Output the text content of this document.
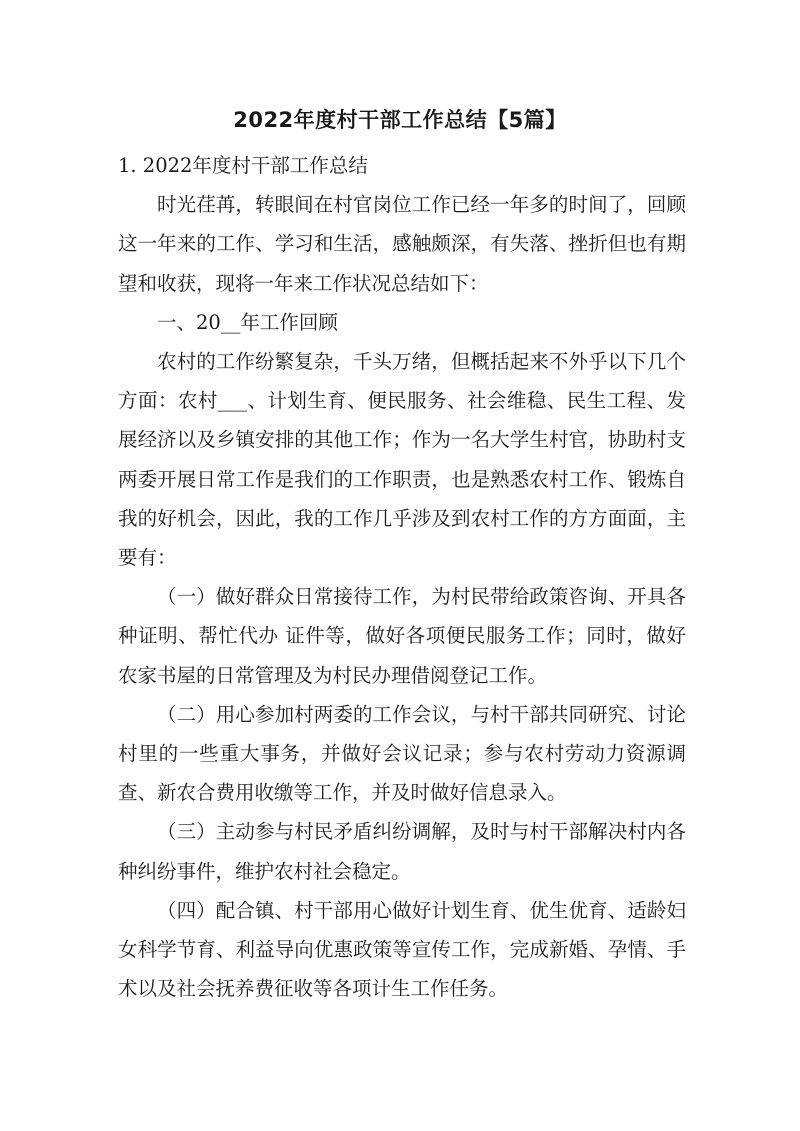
2022年度村干部工作总结【5篇】

1. 2022年度村干部工作总结

时光荏苒，转眼间在村官岗位工作已经一年多的时间了，回顾这一年来的工作、学习和生活，感触颇深，有失落、挫折但也有期望和收获，现将一年来工作状况总结如下：

一、20__年工作回顾

农村的工作纷繁复杂，千头万绪，但概括起来不外乎以下几个方面：农村___、计划生育、便民服务、社会维稳、民生工程、发展经济以及乡镇安排的其他工作；作为一名大学生村官，协助村支两委开展日常工作是我们的工作职责，也是熟悉农村工作、锻炼自我的好机会，因此，我的工作几乎涉及到农村工作的方方面面，主要有：

（一）做好群众日常接待工作，为村民带给政策咨询、开具各种证明、帮忙代办 证件等，做好各项便民服务工作；同时，做好农家书屋的日常管理及为村民办理借阅登记工作。

（二）用心参加村两委的工作会议，与村干部共同研究、讨论村里的一些重大事务，并做好会议记录；参与农村劳动力资源调查、新农合费用收缴等工作，并及时做好信息录入。

（三）主动参与村民矛盾纠纷调解，及时与村干部解决村内各种纠纷事件，维护农村社会稳定。

（四）配合镇、村干部用心做好计划生育、优生优育、适龄妇女科学节育、利益导向优惠政策等宣传工作，完成新婚、孕情、手术以及社会抚养费征收等各项计生工作任务。
